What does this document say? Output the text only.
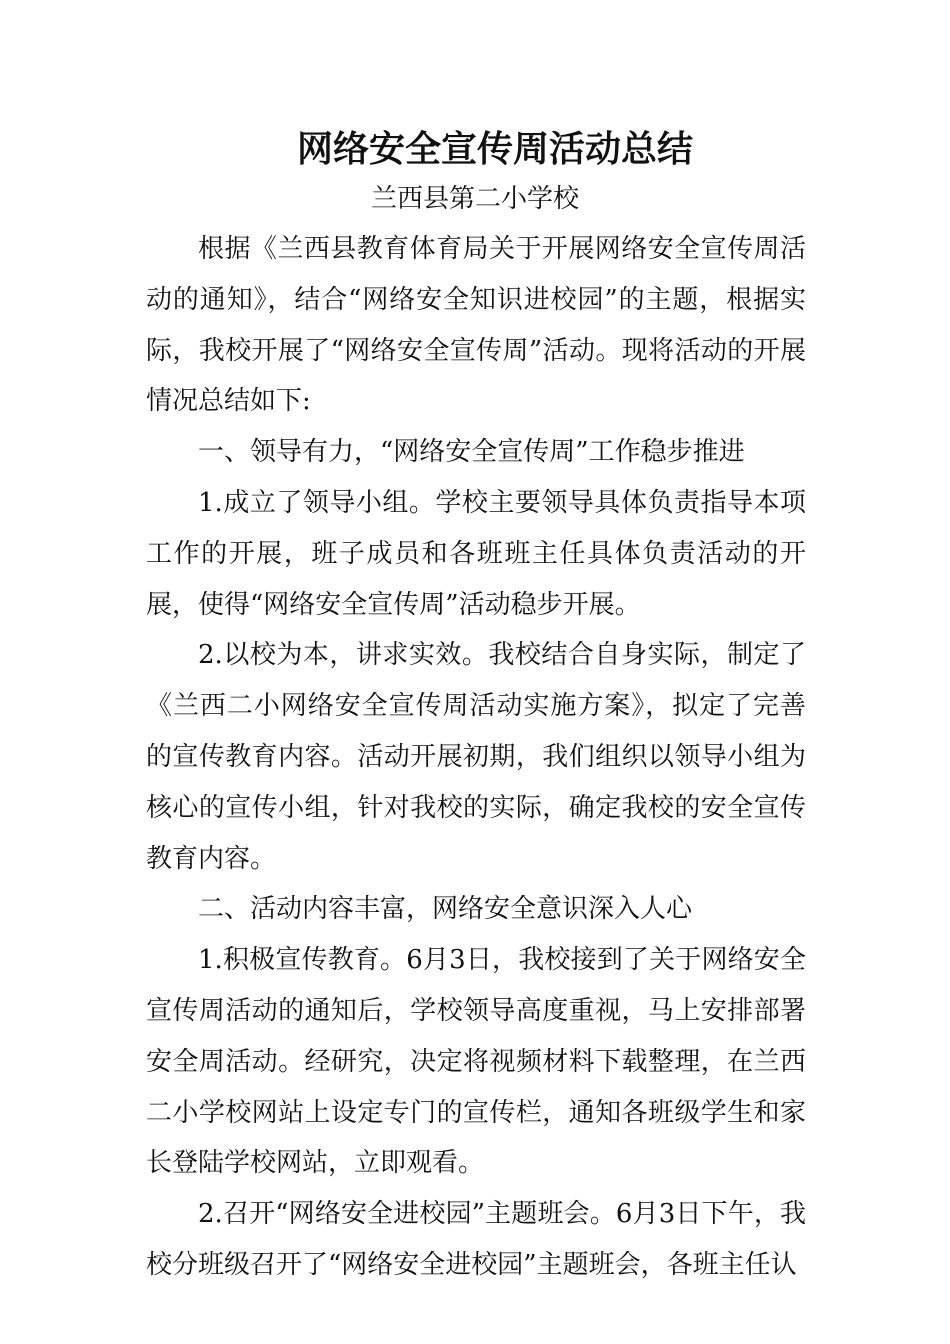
网络安全宣传周活动总结
兰西县第二小学校

根据《兰西县教育体育局关于开展网络安全宣传周活动的通知》，结合“网络安全知识进校园”的主题，根据实际，我校开展了“网络安全宣传周”活动。现将活动的开展情况总结如下:

一、领导有力，“网络安全宣传周”工作稳步推进

1.成立了领导小组。学校主要领导具体负责指导本项工作的开展，班子成员和各班班主任具体负责活动的开展，使得“网络安全宣传周”活动稳步开展。

2.以校为本，讲求实效。我校结合自身实际，制定了《兰西二小网络安全宣传周活动实施方案》，拟定了完善的宣传教育内容。活动开展初期，我们组织以领导小组为核心的宣传小组，针对我校的实际，确定我校的安全宣传教育内容。

二、活动内容丰富，网络安全意识深入人心

1.积极宣传教育。6月3日，我校接到了关于网络安全宣传周活动的通知后，学校领导高度重视，马上安排部署安全周活动。经研究，决定将视频材料下载整理，在兰西二小学校网站上设定专门的宣传栏，通知各班级学生和家长登陆学校网站，立即观看。

2.召开“网络安全进校园”主题班会。6月3日下午，我校分班级召开了“网络安全进校园”主题班会，各班主任认
